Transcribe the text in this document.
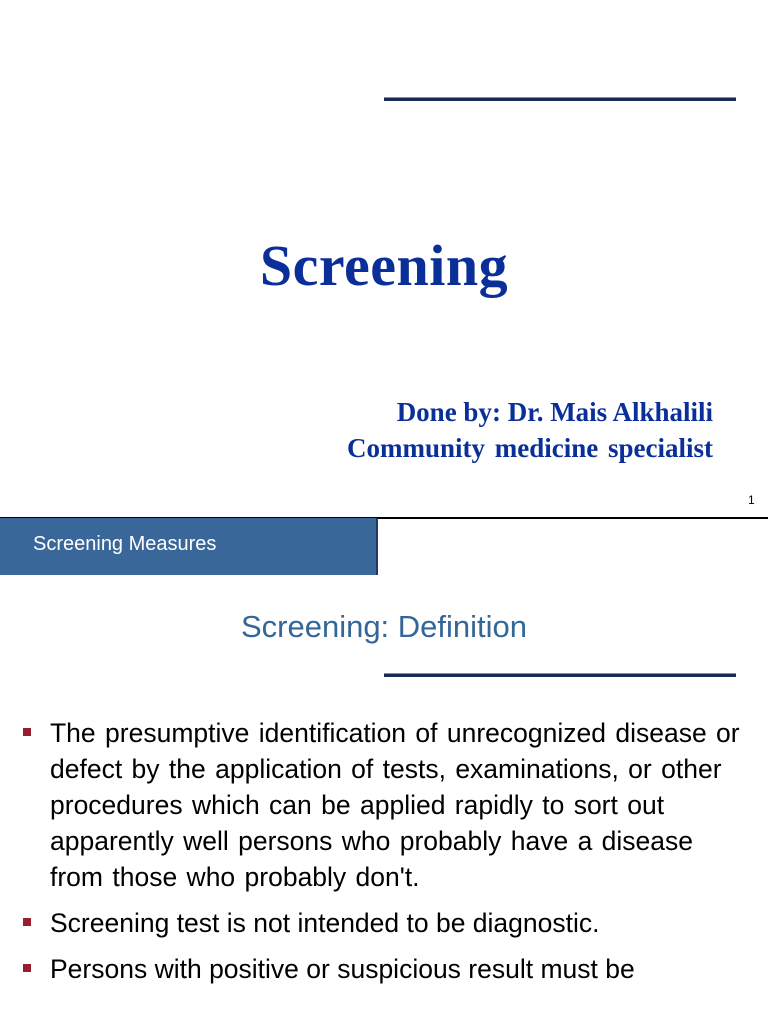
Screening
Done by: Dr. Mais Alkhalili
Community medicine specialist
1
Screening Measures
Screening: Definition
The presumptive identification of unrecognized disease or defect by the application of tests, examinations, or other procedures which can be applied rapidly to sort out apparently well persons who probably have a disease from those who probably don't.
Screening test is not intended to be diagnostic.
Persons with positive or suspicious result must be
